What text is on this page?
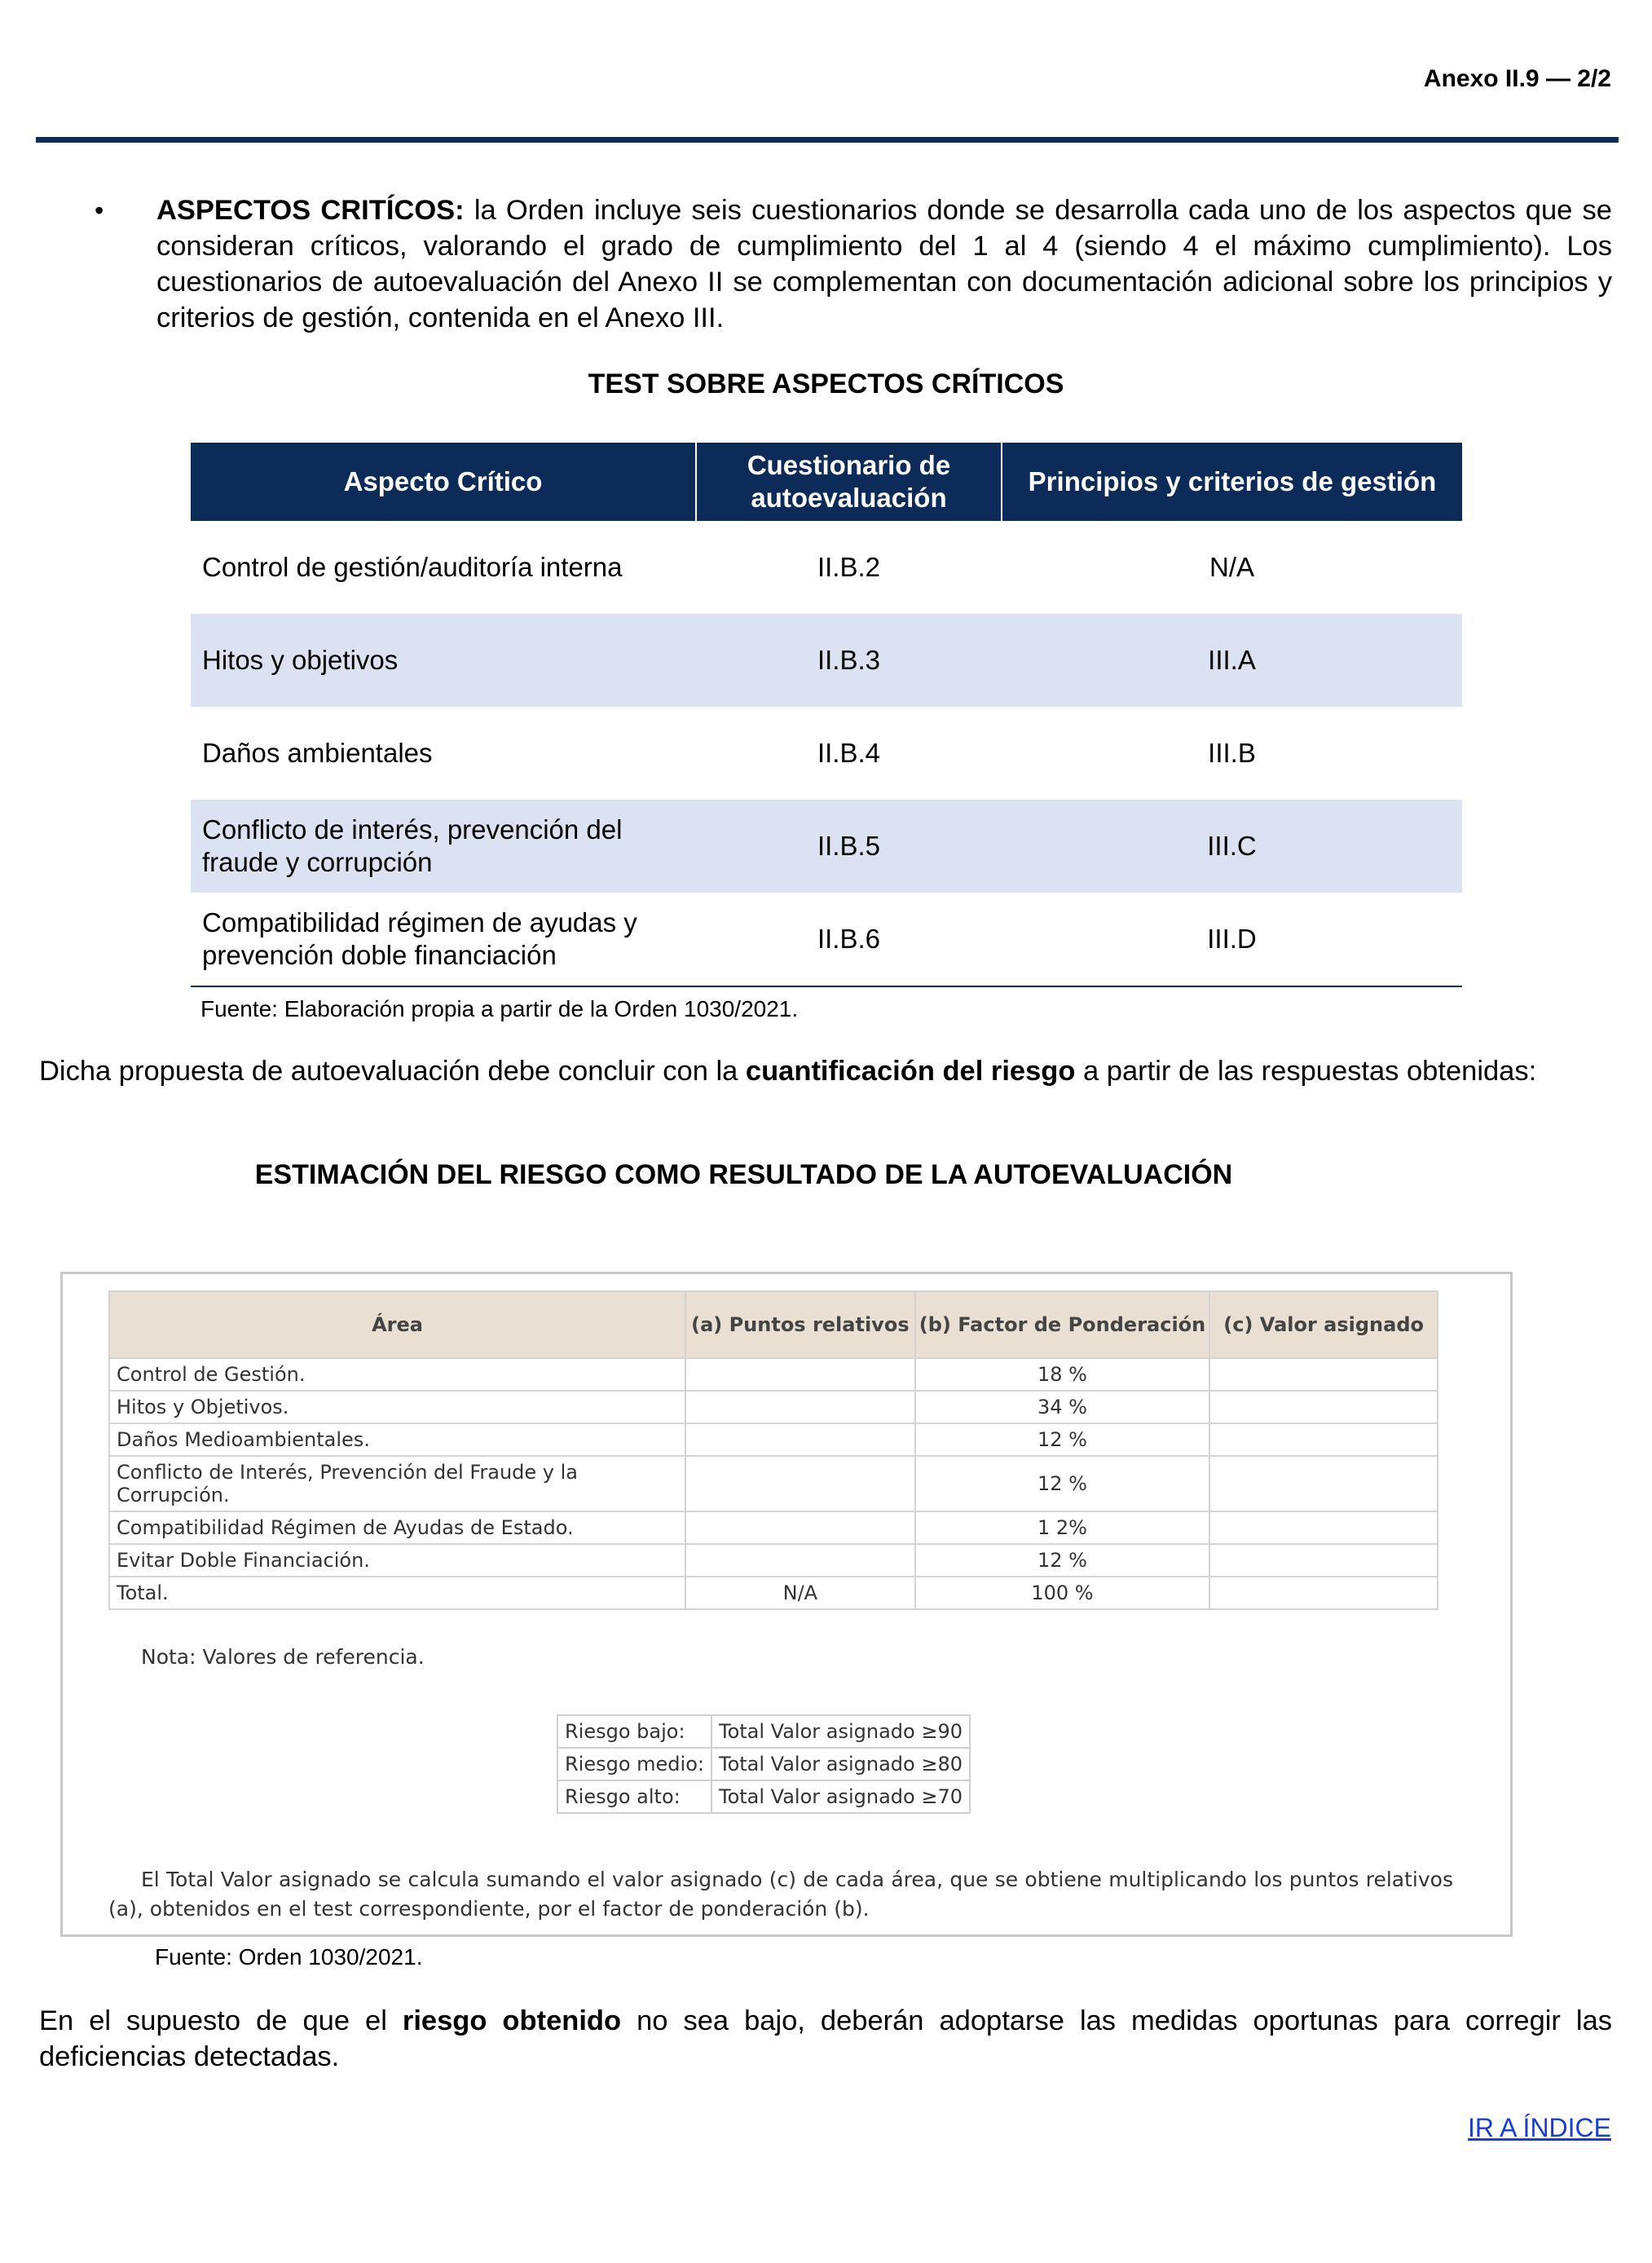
Anexo II.9 — 2/2
• ASPECTOS CRITÍCOS: la Orden incluye seis cuestionarios donde se desarrolla cada uno de los aspectos que se consideran críticos, valorando el grado de cumplimiento del 1 al 4 (siendo 4 el máximo cumplimiento). Los cuestionarios de autoevaluación del Anexo II se complementan con documentación adicional sobre los principios y criterios de gestión, contenida en el Anexo III.
TEST SOBRE ASPECTOS CRÍTICOS
Aspecto Crítico	Cuestionario de autoevaluación	Principios y criterios de gestión
Control de gestión/auditoría interna	II.B.2	N/A
Hitos y objetivos	II.B.3	III.A
Daños ambientales	II.B.4	III.B
Conflicto de interés, prevención del fraude y corrupción	II.B.5	III.C
Compatibilidad régimen de ayudas y prevención doble financiación	II.B.6	III.D
Fuente: Elaboración propia a partir de la Orden 1030/2021.
Dicha propuesta de autoevaluación debe concluir con la cuantificación del riesgo a partir de las respuestas obtenidas:
ESTIMACIÓN DEL RIESGO COMO RESULTADO DE LA AUTOEVALUACIÓN
Área	(a) Puntos relativos	(b) Factor de Ponderación	(c) Valor asignado
Control de Gestión.		18 %	
Hitos y Objetivos.		34 %	
Daños Medioambientales.		12 %	
Conflicto de Interés, Prevención del Fraude y la Corrupción.		12 %	
Compatibilidad Régimen de Ayudas de Estado.		1 2%	
Evitar Doble Financiación.		12 %	
Total.	N/A	100 %	
Nota: Valores de referencia.
Riesgo bajo:	Total Valor asignado ≥90
Riesgo medio:	Total Valor asignado ≥80
Riesgo alto:	Total Valor asignado ≥70
El Total Valor asignado se calcula sumando el valor asignado (c) de cada área, que se obtiene multiplicando los puntos relativos (a), obtenidos en el test correspondiente, por el factor de ponderación (b).
Fuente: Orden 1030/2021.
En el supuesto de que el riesgo obtenido no sea bajo, deberán adoptarse las medidas oportunas para corregir las deficiencias detectadas.
IR A ÍNDICE
